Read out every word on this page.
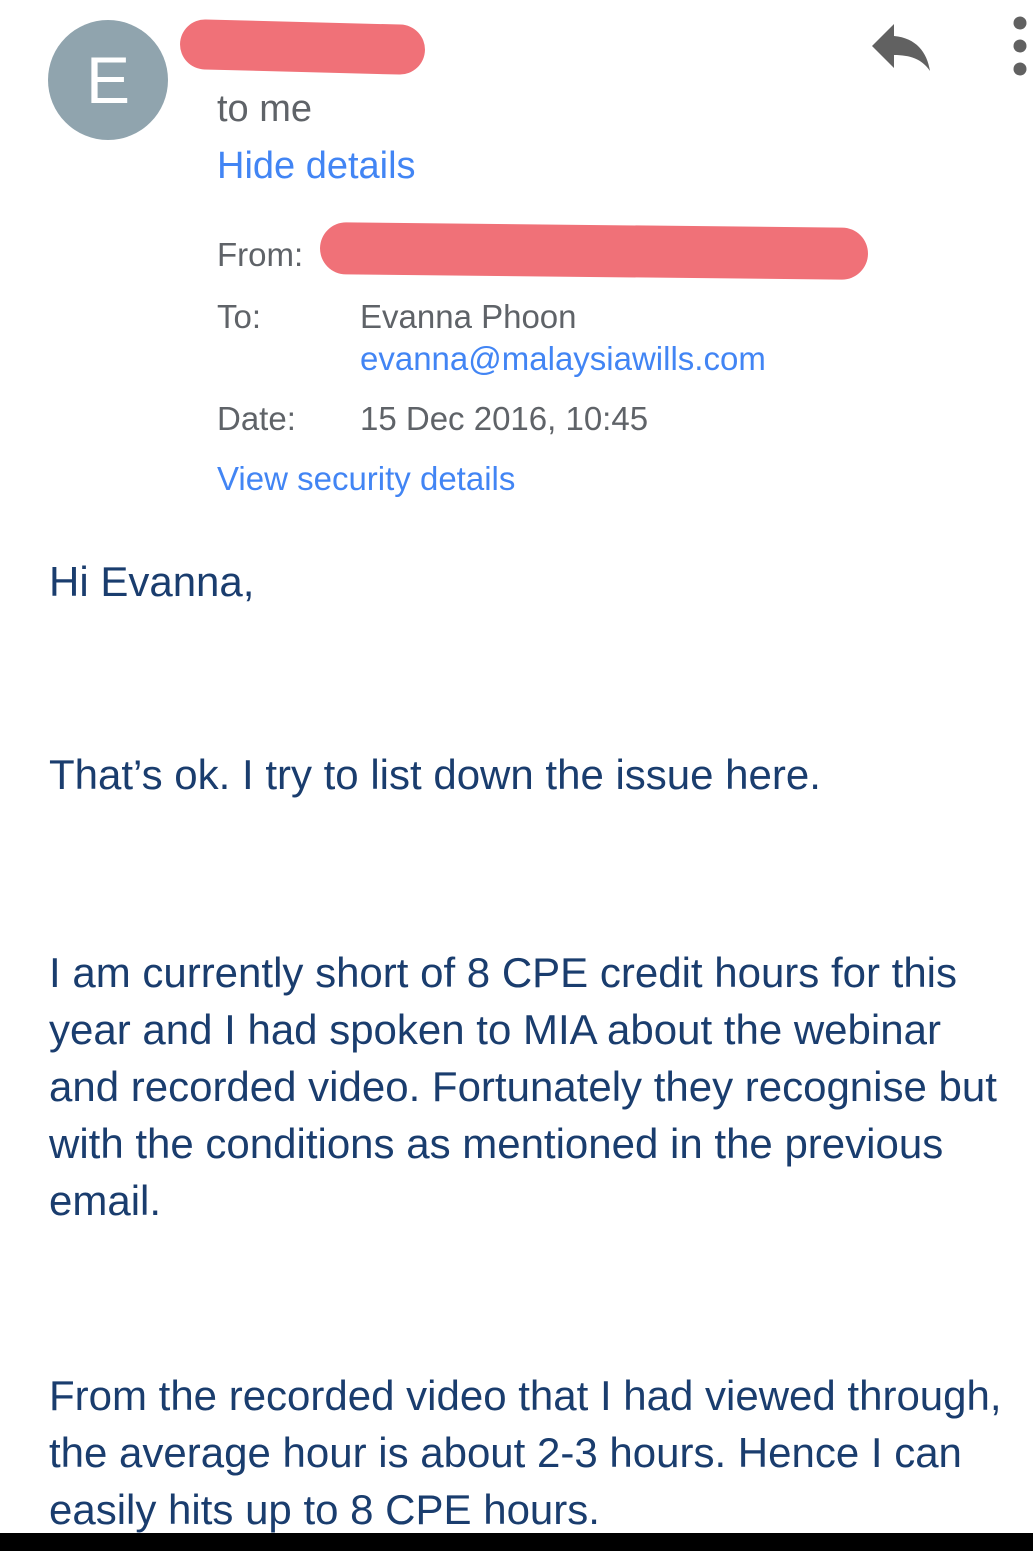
E	to me
Hide details
From:
To:	Evanna Phoon
evanna@malaysiawills.com
Date: 15 Dec 2016, 10:45
View security details
Hi Evanna,
That’s ok. I try to list down the issue here.
I am currently short of 8 CPE credit hours for this year and I had spoken to MIA about the webinar and recorded video. Fortunately they recognise but with the conditions as mentioned in the previous email.
From the recorded video that I had viewed through, the average hour is about 2-3 hours. Hence I can easily hits up to 8 CPE hours.
